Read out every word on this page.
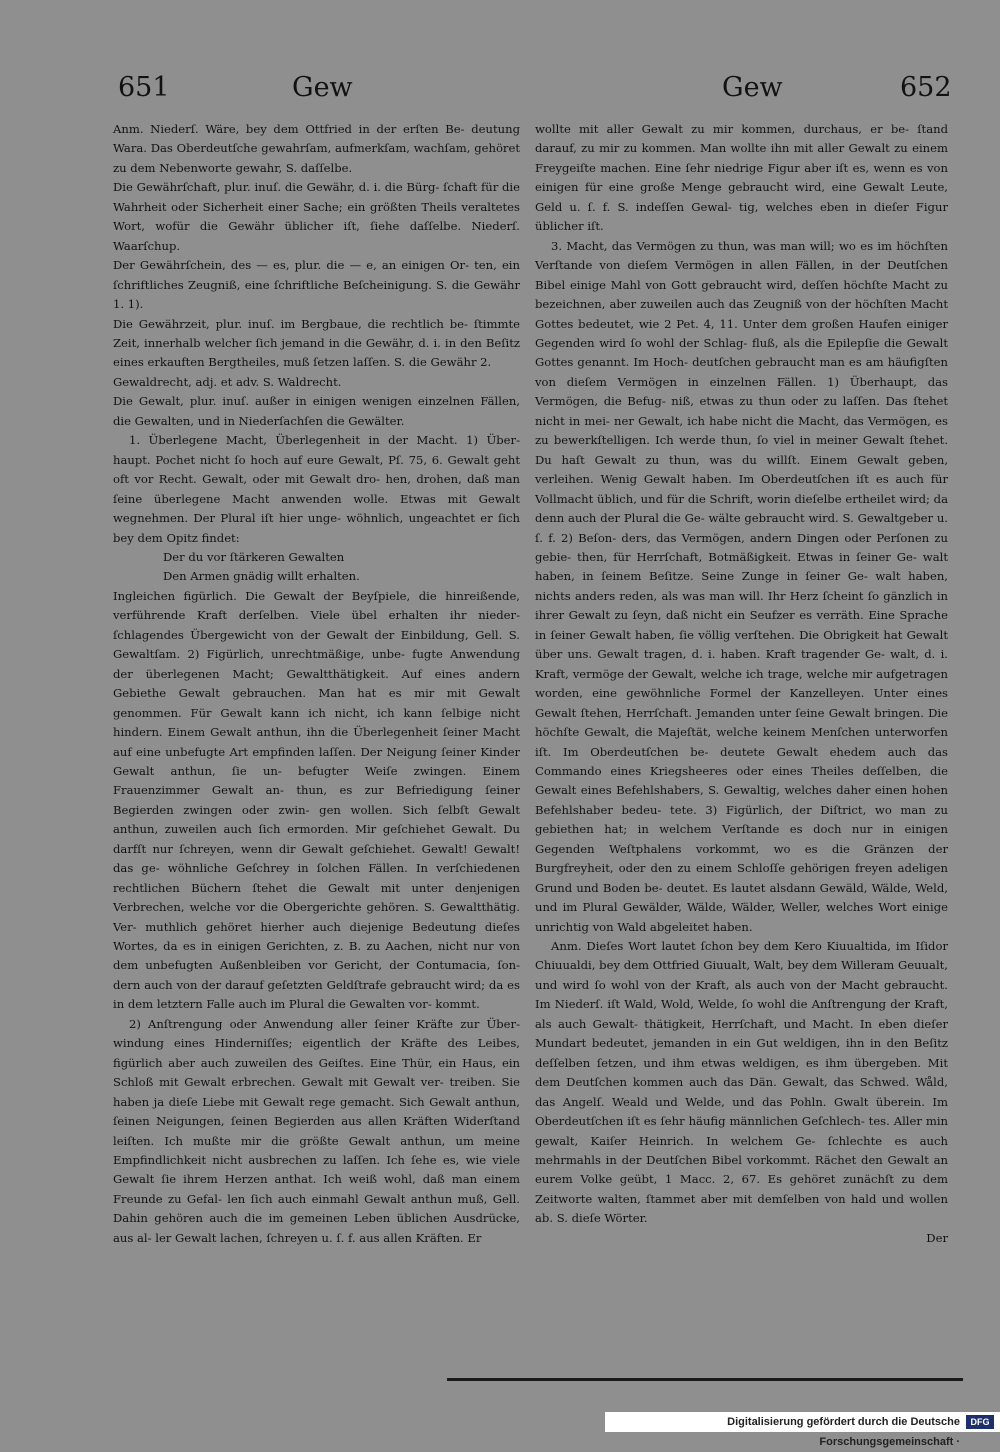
651	Gew	Gew	652

Anm. Niederſ. Wäre, bey dem Ottfried in der erſten Be- deutung Wara. Das Oberdeutſche gewahrſam, aufmerkſam, wachſam, gehöret zu dem Nebenworte gewahr, S. daſſelbe.

Die Gewährſchaft, plur. inuſ. die Gewähr, d. i. die Bürg- ſchaft für die Wahrheit oder Sicherheit einer Sache; ein größten Theils veraltetes Wort, wofür die Gewähr üblicher iſt, ſiehe daſſelbe. Niederſ. Waarſchup.

Der Gewährſchein, des — es, plur. die — e, an einigen Or- ten, ein ſchriftliches Zeugniß, eine ſchriftliche Beſcheinigung. S. die Gewähr 1. 1).

Die Gewährzeit, plur. inuſ. im Bergbaue, die rechtlich be- ſtimmte Zeit, innerhalb welcher ſich jemand in die Gewähr, d. i. in den Beſitz eines erkauften Bergtheiles, muß ſetzen laſſen. S. die Gewähr 2.

Gewaldrecht, adj. et adv. S. Waldrecht.

Die Gewalt, plur. inuſ. außer in einigen wenigen einzelnen Fällen, die Gewalten, und in Niederſachſen die Gewälter.

1. Überlegene Macht, Überlegenheit in der Macht. 1) Über- haupt. Pochet nicht ſo hoch auf eure Gewalt, Pſ. 75, 6. Gewalt geht oft vor Recht. Gewalt, oder mit Gewalt dro- hen, drohen, daß man ſeine überlegene Macht anwenden wolle. Etwas mit Gewalt wegnehmen. Der Plural iſt hier unge- wöhnlich, ungeachtet er ſich bey dem Opitz findet:

Der du vor ſtärkeren Gewalten

Den Armen gnädig willt erhalten.

Ingleichen figürlich. Die Gewalt der Beyſpiele, die hinreißende, verführende Kraft derſelben. Viele übel erhalten ihr nieder- ſchlagendes Übergewicht von der Gewalt der Einbildung, Gell. S. Gewaltſam. 2) Figürlich, unrechtmäßige, unbe- fugte Anwendung der überlegenen Macht; Gewaltthätigkeit. Auf eines andern Gebiethe Gewalt gebrauchen. Man hat es mir mit Gewalt genommen. Für Gewalt kann ich nicht, ich kann ſelbige nicht hindern. Einem Gewalt anthun, ihn die Überlegenheit ſeiner Macht auf eine unbefugte Art empfinden laſſen. Der Neigung ſeiner Kinder Gewalt anthun, ſie un- befugter Weiſe zwingen. Einem Frauenzimmer Gewalt an- thun, es zur Befriedigung ſeiner Begierden zwingen oder zwin- gen wollen. Sich ſelbſt Gewalt anthun, zuweilen auch ſich ermorden. Mir geſchiehet Gewalt. Du darfſt nur ſchreyen, wenn dir Gewalt geſchiehet. Gewalt! Gewalt! das ge- wöhnliche Geſchrey in ſolchen Fällen. In verſchiedenen rechtlichen Büchern ſtehet die Gewalt mit unter denjenigen Verbrechen, welche vor die Obergerichte gehören. S. Gewaltthätig. Ver- muthlich gehöret hierher auch diejenige Bedeutung dieſes Wortes, da es in einigen Gerichten, z. B. zu Aachen, nicht nur von dem unbefugten Außenbleiben vor Gericht, der Contumacia, ſon- dern auch von der darauf geſetzten Geldſtrafe gebraucht wird; da es in dem letztern Falle auch im Plural die Gewalten vor- kommt.

2) Anſtrengung oder Anwendung aller ſeiner Kräfte zur Über- windung eines Hinderniſſes; eigentlich der Kräfte des Leibes, figürlich aber auch zuweilen des Geiſtes. Eine Thür, ein Haus, ein Schloß mit Gewalt erbrechen. Gewalt mit Gewalt ver- treiben. Sie haben ja dieſe Liebe mit Gewalt rege gemacht. Sich Gewalt anthun, ſeinen Neigungen, ſeinen Begierden aus allen Kräften Widerſtand leiſten. Ich mußte mir die größte Gewalt anthun, um meine Empfindlichkeit nicht ausbrechen zu laſſen. Ich ſehe es, wie viele Gewalt ſie ihrem Herzen anthat. Ich weiß wohl, daß man einem Freunde zu Gefal- len ſich auch einmahl Gewalt anthun muß, Gell. Dahin gehören auch die im gemeinen Leben üblichen Ausdrücke, aus al- ler Gewalt lachen, ſchreyen u. ſ. f. aus allen Kräften. Er

wollte mit aller Gewalt zu mir kommen, durchaus, er be- ſtand darauf, zu mir zu kommen. Man wollte ihn mit aller Gewalt zu einem Freygeiſte machen. Eine ſehr niedrige Figur aber iſt es, wenn es von einigen für eine große Menge gebraucht wird, eine Gewalt Leute, Geld u. ſ. f. S. indeſſen Gewal- tig, welches eben in dieſer Figur üblicher iſt.

3. Macht, das Vermögen zu thun, was man will; wo es im höchſten Verſtande von dieſem Vermögen in allen Fällen, in der Deutſchen Bibel einige Mahl von Gott gebraucht wird, deſſen höchſte Macht zu bezeichnen, aber zuweilen auch das Zeugniß von der höchſten Macht Gottes bedeutet, wie 2 Pet. 4, 11. Unter dem großen Haufen einiger Gegenden wird ſo wohl der Schlag- fluß, als die Epilepſie die Gewalt Gottes genannt. Im Hoch- deutſchen gebraucht man es am häufigſten von dieſem Vermögen in einzelnen Fällen. 1) Überhaupt, das Vermögen, die Befug- niß, etwas zu thun oder zu laſſen. Das ſtehet nicht in mei- ner Gewalt, ich habe nicht die Macht, das Vermögen, es zu bewerkſtelligen. Ich werde thun, ſo viel in meiner Gewalt ſtehet. Du haſt Gewalt zu thun, was du willſt. Einem Gewalt geben, verleihen. Wenig Gewalt haben. Im Oberdeutſchen iſt es auch für Vollmacht üblich, und für die Schrift, worin dieſelbe ertheilet wird; da denn auch der Plural die Ge- wälte gebraucht wird. S. Gewaltgeber u. ſ. f. 2) Beſon- ders, das Vermögen, andern Dingen oder Perſonen zu gebie- then, für Herrſchaft, Botmäßigkeit. Etwas in ſeiner Ge- walt haben, in ſeinem Beſitze. Seine Zunge in ſeiner Ge- walt haben, nichts anders reden, als was man will. Ihr Herz ſcheint ſo gänzlich in ihrer Gewalt zu ſeyn, daß nicht ein Seufzer es verräth. Eine Sprache in ſeiner Gewalt haben, ſie völlig verſtehen. Die Obrigkeit hat Gewalt über uns. Gewalt tragen, d. i. haben. Kraft tragender Ge- walt, d. i. Kraft, vermöge der Gewalt, welche ich trage, welche mir aufgetragen worden, eine gewöhnliche Formel der Kanzelleyen. Unter eines Gewalt ſtehen, Herrſchaft. Jemanden unter ſeine Gewalt bringen. Die höchſte Gewalt, die Majeſtät, welche keinem Menſchen unterworfen iſt. Im Oberdeutſchen be- deutete Gewalt ehedem auch das Commando eines Kriegsheeres oder eines Theiles deſſelben, die Gewalt eines Befehlshabers, S. Gewaltig, welches daher einen hohen Befehlshaber bedeu- tete. 3) Figürlich, der Diſtrict, wo man zu gebiethen hat; in welchem Verſtande es doch nur in einigen Gegenden Weſtphalens vorkommt, wo es die Gränzen der Burgfreyheit, oder den zu einem Schloſſe gehörigen freyen adeligen Grund und Boden be- deutet. Es lautet alsdann Gewäld, Wälde, Weld, und im Plural Gewälder, Wälde, Wälder, Weller, welches Wort einige unrichtig von Wald abgeleitet haben.

Anm. Dieſes Wort lautet ſchon bey dem Kero Kiuualtida, im Iſidor Chiuualdi, bey dem Ottfried Giuualt, Walt, bey dem Willeram Geuualt, und wird ſo wohl von der Kraft, als auch von der Macht gebraucht. Im Niederſ. iſt Wald, Wold, Welde, ſo wohl die Anſtrengung der Kraft, als auch Gewalt- thätigkeit, Herrſchaft, und Macht. In eben dieſer Mundart bedeutet, jemanden in ein Gut weldigen, ihn in den Beſitz deſſelben ſetzen, und ihm etwas weldigen, es ihm übergeben. Mit dem Deutſchen kommen auch das Dän. Gewalt, das Schwed. Wåld, das Angelſ. Weald und Welde, und das Pohln. Gwalt überein. Im Oberdeutſchen iſt es ſehr häufig männlichen Geſchlech- tes. Aller min gewalt, Kaiſer Heinrich. In welchem Ge- ſchlechte es auch mehrmahls in der Deutſchen Bibel vorkommt. Rächet den Gewalt an eurem Volke geübt, 1 Macc. 2, 67. Es gehöret zunächſt zu dem Zeitworte walten, ſtammet aber mit demſelben von hald und wollen ab. S. dieſe Wörter.

Der

Digitalisierung gefördert durch die Deutsche Forschungsgemeinschaft ·
DFG
